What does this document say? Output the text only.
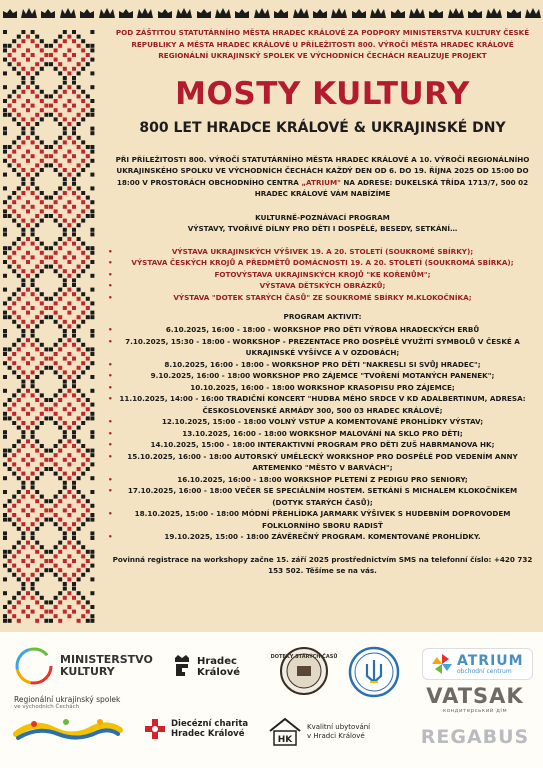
POD ZÁŠTITOU STATUTÁRNÍHO MĚSTA HRADEC KRÁLOVÉ ZA PODPORY MINISTERSTVA KULTURY ČESKÉ REPUBLIKY A MĚSTA HRADEC KRÁLOVÉ U PŘÍLEŽITOSTI 800. VÝROČÍ MĚSTA HRADEC KRÁLOVÉ REGIONÁLNÍ UKRAJINSKÝ SPOLEK VE VÝCHODNÍCH ČECHÁCH REALIZUJE PROJEKT
MOSTY KULTURY
800 LET HRADCE KRÁLOVÉ & UKRAJINSKÉ DNY
PŘI PŘÍLEŽITOSTI 800. VÝROČÍ STATUTÁRNÍHO MĚSTA HRADEC KRÁLOVÉ A 10. VÝROČÍ REGIONÁLNÍHO UKRAJINSKÉHO SPOLKU VE VÝCHODNÍCH ČECHÁCH KAŽDÝ DEN OD 6. DO 19. ŘÍJNA 2025 OD 15:00 DO 18:00 V PROSTORÁCH OBCHODNÍHO CENTRA „ATRIUM" NA ADRESE: DUKELSKÁ TŘÍDA 1713/7, 500 02 HRADEC KRÁLOVÉ VÁM NABÍZÍME
KULTURNĚ-POZNÁVACÍ PROGRAM
VÝSTAVY, TVOŘIVÉ DÍLNY PRO DĚTI I DOSPĚLÉ, BESEDY, SETKÁNÍ…
• VÝSTAVA UKRAJINSKÝCH VÝŠIVEK 19. A 20. STOLETÍ (SOUKROMÉ SBÍRKY);
• VÝSTAVA ČESKÝCH KROJŮ A PŘEDMĚTŮ DOMÁCNOSTI 19. A 20. STOLETÍ (SOUKROMÁ SBÍRKA);
• FOTOVÝSTAVA UKRAJINSKÝCH KROJŮ "KE KOŘENŮM";
• VÝSTAVA DĚTSKÝCH OBRÁZKŮ;
• VÝSTAVA "DOTEK STARÝCH ČASŮ" ZE SOUKROMÉ SBÍRKY M.KLOKOČNÍKA;
PROGRAM AKTIVIT:
• 6.10.2025, 16:00 - 18:00 - WORKSHOP PRO DĚTI VÝROBA HRADECKÝCH ERBŮ
• 7.10.2025, 15:30 - 18:00 - WORKSHOP - PREZENTACE PRO DOSPĚLÉ VYUŽITÍ SYMBOLŮ V ČESKÉ A UKRAJINSKÉ VYŠÍVCE A V OZDOBÁCH;
• 8.10.2025, 16:00 - 18:00 - WORKSHOP PRO DĚTI "NAKRESLI SI SVŮJ HRADEC";
• 9.10.2025, 16:00 - 18:00 WORKSHOP PRO ZÁJEMCE "TVOŘENÍ MOTANÝCH PANENEK";
• 10.10.2025, 16:00 - 18:00 WORKSHOP KRASOPISU PRO ZÁJEMCE;
• 11.10.2025, 14:00 - 16:00 TRADIČNÍ KONCERT "HUDBA MÉHO SRDCE V KD ADALBERTINUM, ADRESA: ČESKOSLOVENSKÉ ARMÁDY 300, 500 03 HRADEC KRÁLOVÉ;
• 12.10.2025, 15:00 - 18:00 VOLNÝ VSTUP A KOMENTOVANÉ PROHLÍDKY VÝSTAV;
• 13.10.2025, 16:00 - 18:00 WORKSHOP MALOVÁNÍ NA SKLO PRO DĚTI;
• 14.10.2025, 15:00 - 18:00 INTERAKTIVNÍ PROGRAM PRO DĚTI ZUŠ HABRMANOVA HK;
• 15.10.2025, 16:00 - 18:00 AUTORSKÝ UMĚLECKÝ WORKSHOP PRO DOSPĚLÉ POD VEDENÍM ANNY ARTEMENKO "MĚSTO V BARVÁCH";
• 16.10.2025, 16:00 - 18:00 WORKSHOP PLETENÍ Z PEDIGU PRO SENIORY;
• 17.10.2025, 16:00 - 18:00 VEČER SE SPECIÁLNÍM HOSTEM. SETKÁNÍ S MICHALEM KLOKOČNÍKEM (DOTYK STARÝCH ČASŮ);
• 18.10.2025, 15:00 - 18:00 MÓDNÍ PŘEHLÍDKA JARMARK VÝŠIVEK S HUDEBNÍM DOPROVODEM FOLKLORNÍHO SBORU RADISŤ
• 19.10.2025, 15:00 - 18:00 ZÁVĚREČNÝ PROGRAM. KOMENTOVANÉ PROHLÍDKY.
Povinná registrace na workshopy začne 15. září 2025 prostřednictvím SMS na telefonní číslo: +420 732 153 502. Těšíme se na vás.
MINISTERSTVO KULTURY
Hradec
Králové
DOTEKY STARÝCH ČASŮ	ATRIUM
obchodní centrum
Regionální ukrajinský spolek
ve východních Čechách
Diecézní charita
Hradec Králové
HK
Kvalitní ubytování
v Hradci Králové
VATSAK
кондитерський дім
REGABUS
